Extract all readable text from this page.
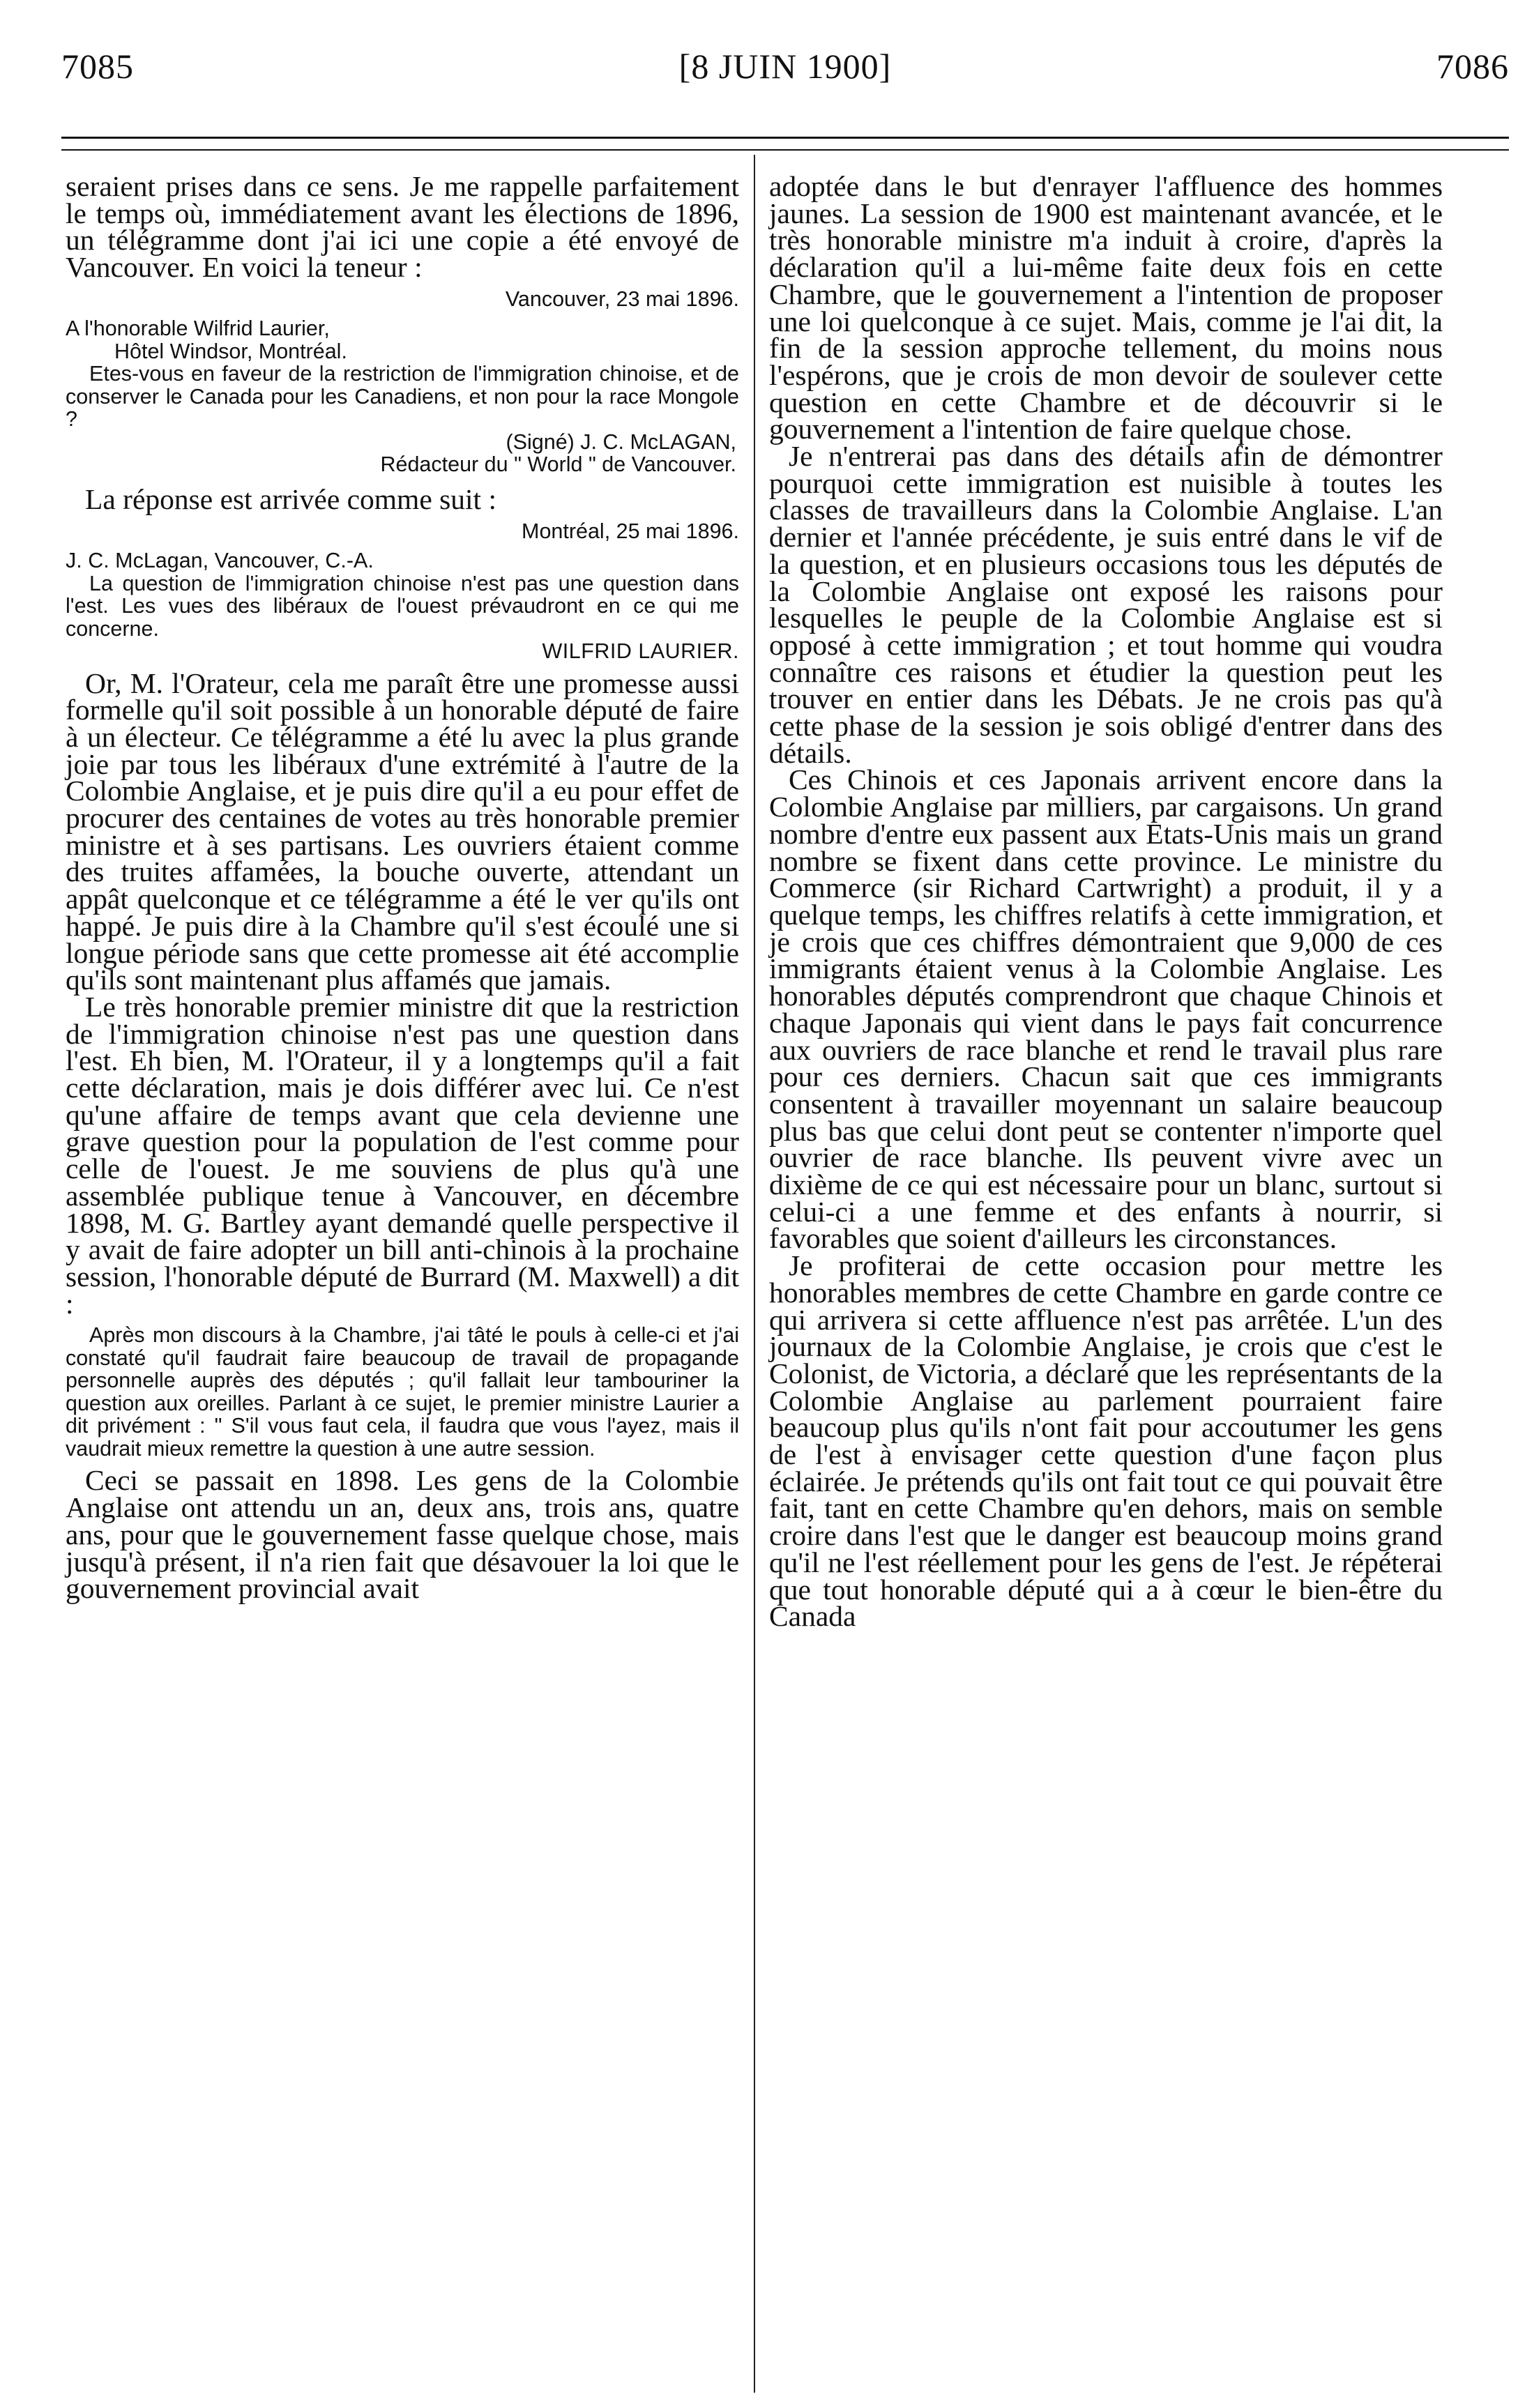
7085	[8 JUIN 1900]	7086

seraient prises dans ce sens. Je me rappelle parfaitement le temps où, immédiatement avant les élections de 1896, un télégramme dont j'ai ici une copie a été envoyé de Vancouver. En voici la teneur :

Vancouver, 23 mai 1896.

A l'honorable Wilfrid Laurier,

Hôtel Windsor, Montréal.

Etes-vous en faveur de la restriction de l'immigration chinoise, et de conserver le Canada pour les Canadiens, et non pour la race Mongole ?

(Signé) J. C. McLAGAN,

Rédacteur du " World " de Vancouver.

La réponse est arrivée comme suit :

Montréal, 25 mai 1896.

J. C. McLagan, Vancouver, C.-A.

La question de l'immigration chinoise n'est pas une question dans l'est. Les vues des libéraux de l'ouest prévaudront en ce qui me concerne.

WILFRID LAURIER.

Or, M. l'Orateur, cela me paraît être une promesse aussi formelle qu'il soit possible à un honorable député de faire à un électeur. Ce télégramme a été lu avec la plus grande joie par tous les libéraux d'une extrémité à l'autre de la Colombie Anglaise, et je puis dire qu'il a eu pour effet de procurer des centaines de votes au très honorable premier ministre et à ses partisans. Les ouvriers étaient comme des truites affamées, la bouche ouverte, attendant un appât quelconque et ce télégramme a été le ver qu'ils ont happé. Je puis dire à la Chambre qu'il s'est écoulé une si longue période sans que cette promesse ait été accomplie qu'ils sont maintenant plus affamés que jamais.

Le très honorable premier ministre dit que la restriction de l'immigration chinoise n'est pas une question dans l'est. Eh bien, M. l'Orateur, il y a longtemps qu'il a fait cette déclaration, mais je dois différer avec lui. Ce n'est qu'une affaire de temps avant que cela devienne une grave question pour la population de l'est comme pour celle de l'ouest. Je me souviens de plus qu'à une assemblée publique tenue à Vancouver, en décembre 1898, M. G. Bartley ayant demandé quelle perspective il y avait de faire adopter un bill anti-chinois à la prochaine session, l'honorable député de Burrard (M. Maxwell) a dit :

Après mon discours à la Chambre, j'ai tâté le pouls à celle-ci et j'ai constaté qu'il faudrait faire beaucoup de travail de propagande personnelle auprès des députés ; qu'il fallait leur tambouriner la question aux oreilles. Parlant à ce sujet, le premier ministre Laurier a dit privément : " S'il vous faut cela, il faudra que vous l'ayez, mais il vaudrait mieux remettre la question à une autre session.

Ceci se passait en 1898. Les gens de la Colombie Anglaise ont attendu un an, deux ans, trois ans, quatre ans, pour que le gouvernement fasse quelque chose, mais jusqu'à présent, il n'a rien fait que désavouer la loi que le gouvernement provincial avait

adoptée dans le but d'enrayer l'affluence des hommes jaunes. La session de 1900 est maintenant avancée, et le très honorable ministre m'a induit à croire, d'après la déclaration qu'il a lui-même faite deux fois en cette Chambre, que le gouvernement a l'intention de proposer une loi quelconque à ce sujet. Mais, comme je l'ai dit, la fin de la session approche tellement, du moins nous l'espérons, que je crois de mon devoir de soulever cette question en cette Chambre et de découvrir si le gouvernement a l'intention de faire quelque chose.

Je n'entrerai pas dans des détails afin de démontrer pourquoi cette immigration est nuisible à toutes les classes de travailleurs dans la Colombie Anglaise. L'an dernier et l'année précédente, je suis entré dans le vif de la question, et en plusieurs occasions tous les députés de la Colombie Anglaise ont exposé les raisons pour lesquelles le peuple de la Colombie Anglaise est si opposé à cette immigration ; et tout homme qui voudra connaître ces raisons et étudier la question peut les trouver en entier dans les Débats. Je ne crois pas qu'à cette phase de la session je sois obligé d'entrer dans des détails.

Ces Chinois et ces Japonais arrivent encore dans la Colombie Anglaise par milliers, par cargaisons. Un grand nombre d'entre eux passent aux Etats-Unis mais un grand nombre se fixent dans cette province. Le ministre du Commerce (sir Richard Cartwright) a produit, il y a quelque temps, les chiffres relatifs à cette immigration, et je crois que ces chiffres démontraient que 9,000 de ces immigrants étaient venus à la Colombie Anglaise. Les honorables députés comprendront que chaque Chinois et chaque Japonais qui vient dans le pays fait concurrence aux ouvriers de race blanche et rend le travail plus rare pour ces derniers. Chacun sait que ces immigrants consentent à travailler moyennant un salaire beaucoup plus bas que celui dont peut se contenter n'importe quel ouvrier de race blanche. Ils peuvent vivre avec un dixième de ce qui est nécessaire pour un blanc, surtout si celui-ci a une femme et des enfants à nourrir, si favorables que soient d'ailleurs les circonstances.

Je profiterai de cette occasion pour mettre les honorables membres de cette Chambre en garde contre ce qui arrivera si cette affluence n'est pas arrêtée. L'un des journaux de la Colombie Anglaise, je crois que c'est le Colonist, de Victoria, a déclaré que les représentants de la Colombie Anglaise au parlement pourraient faire beaucoup plus qu'ils n'ont fait pour accoutumer les gens de l'est à envisager cette question d'une façon plus éclairée. Je prétends qu'ils ont fait tout ce qui pouvait être fait, tant en cette Chambre qu'en dehors, mais on semble croire dans l'est que le danger est beaucoup moins grand qu'il ne l'est réellement pour les gens de l'est. Je répéterai que tout honorable député qui a à cœur le bien-être du Canada
